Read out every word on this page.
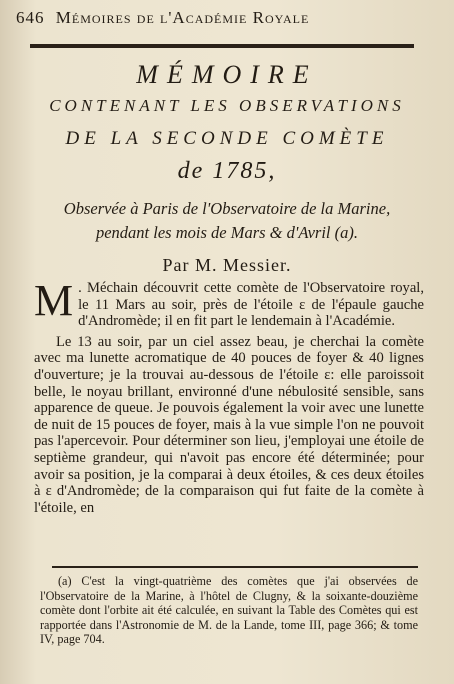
646 Mémoires de l'Académie Royale
MÉMOIRE
CONTENANT LES OBSERVATIONS
DE LA SECONDE COMÈTE
de 1785,
Observée à Paris de l'Observatoire de la Marine,
pendant les mois de Mars & d'Avril (a).
Par M. Messier.

M . Méchain découvrit cette comète de l'Observatoire royal, le 11 Mars au soir, près de l'étoile ε de l'épaule gauche d'Andromède; il en fit part le lendemain à l'Académie.

Le 13 au soir, par un ciel assez beau, je cherchai la comète avec ma lunette acromatique de 40 pouces de foyer & 40 lignes d'ouverture; je la trouvai au-dessous de l'étoile ε: elle paroissoit belle, le noyau brillant, environné d'une nébulosité sensible, sans apparence de queue. Je pouvois également la voir avec une lunette de nuit de 15 pouces de foyer, mais à la vue simple l'on ne pouvoit pas l'apercevoir. Pour déterminer son lieu, j'employai une étoile de septième grandeur, qui n'avoit pas encore été déterminée; pour avoir sa position, je la comparai à deux étoiles, & ces deux étoiles à ε d'Andromède; de la comparaison qui fut faite de la comète à l'étoile, en

(a) C'est la vingt-quatrième des comètes que j'ai observées de l'Observatoire de la Marine, à l'hôtel de Clugny, & la soixante-douzième comète dont l'orbite ait été calculée, en suivant la Table des Comètes qui est rapportée dans l'Astronomie de M. de la Lande, tome III, page 366; & tome IV, page 704.
